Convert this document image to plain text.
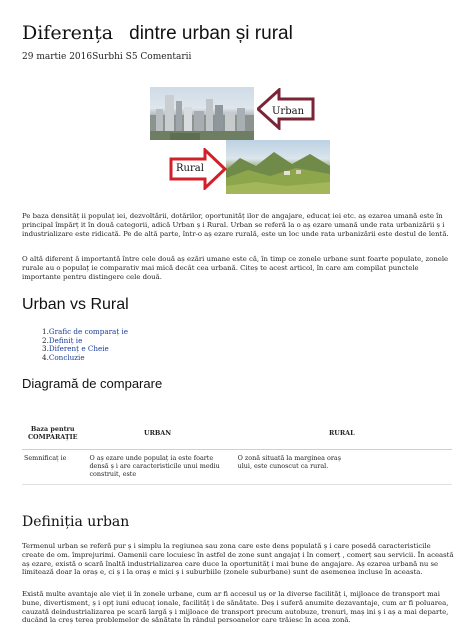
Diferența dintre urban și rural
29 martie 2016Surbhi S5 Comentarii
Urban
Rural
Pe baza densităț ii populaț iei, dezvoltării, dotărilor, oportunităț ilor de angajare, educaț iei etc. aș ezarea umană este în principal împărț it în două categorii, adică Urban ș i Rural. Urban se referă la o aș ezare umană unde rata urbanizării ș i industrializare este ridicată. Pe de altă parte, într-o aș ezare rurală, este un loc unde rata urbanizării este destul de lentă.
O altă diferenț ă importantă între cele două aș ezări umane este că, în timp ce zonele urbane sunt foarte populate, zonele rurale au o populaț ie comparativ mai mică decât cea urbană. Citeș te acest articol, în care am compilat punctele importante pentru distingere cele două.
Urban vs Rural
1.Grafic de comparaț ie
2.Definiț ie
3.Diferenț e Cheie
4.Concluzie
Diagramă de comparare
Baza pentru COMPARAȚIE	URBAN	RURAL
Semnificaț ie	O aș ezare unde populaț ia este foarte densă ș i are caracteristicile unui mediu construit, este	O zonă situată la marginea oraș ului, este cunoscut ca rural.
Definiția urban
Termenul urban se referă pur ș i simplu la regiunea sau zona care este dens populată ș i care posedă caracteristicile create de om. împrejurimi. Oamenii care locuiesc în astfel de zone sunt angajaț i în comerț , comerț sau servicii. În această aș ezare, există o scară înaltă industrializarea care duce la oportunităț i mai bune de angajare. Aș ezarea urbană nu se limitează doar la oraș e, ci ș i la oraș e mici ș i suburbiile (zonele suburbane) sunt de asemenea incluse în aceasta.
Există multe avantaje ale vieț ii în zonele urbane, cum ar fi accesul uș or la diverse facilităț i, mijloace de transport mai bune, divertisment, ș i opț iuni educaț ionale, facilităț i de sănătate. Deș i suferă anumite dezavantaje, cum ar fi poluarea, cauzată deindustrializarea pe scară largă ș i mijloace de transport precum autobuze, trenuri, maș ini ș i aș a mai departe, ducând la creș terea problemelor de sănătate în rândul persoanelor care trăiesc în acea zonă.
